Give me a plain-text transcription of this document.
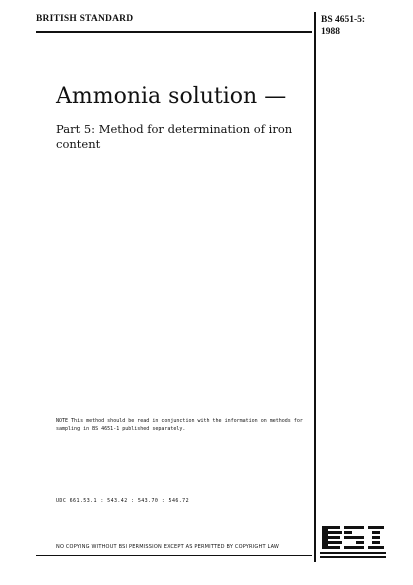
BRITISH STANDARD	BS 4651-5:
1988
Ammonia solution —
Part 5: Method for determination of iron content
NOTE This method should be read in conjunction with the information on methods for sampling in BS 4651-1 published separately.
UDC 661.53.1 : 543.42 : 543.70 : 546.72
NO COPYING WITHOUT BSI PERMISSION EXCEPT AS PERMITTED BY COPYRIGHT LAW
